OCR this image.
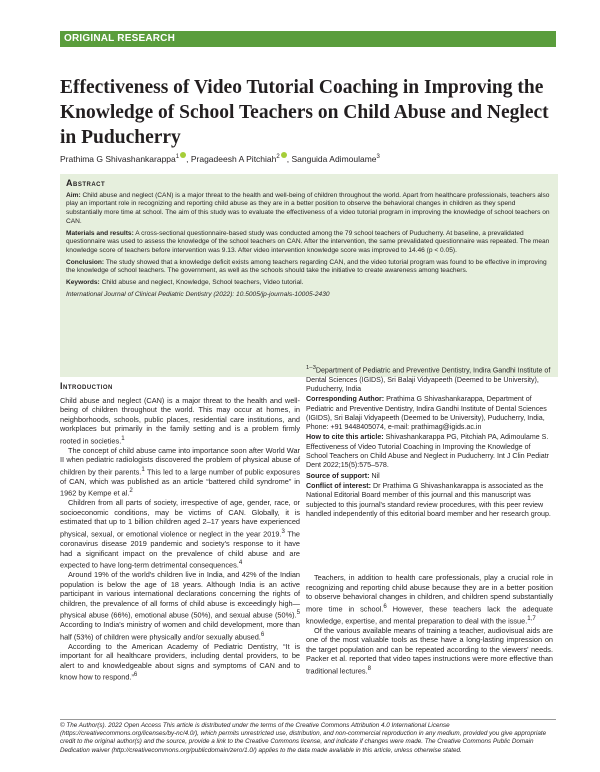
ORIGINAL RESEARCH
Effectiveness of Video Tutorial Coaching in Improving the Knowledge of School Teachers on Child Abuse and Neglect in Puducherry
Prathima G Shivashankarappa$^1$ , Pragadeesh A Pitchiah$^2$ , Sanguida Adimoulame$^3$
Abstract

Aim: Child abuse and neglect (CAN) is a major threat to the health and well-being of children throughout the world. Apart from healthcare professionals, teachers also play an important role in recognizing and reporting child abuse as they are in a better position to observe the behavioral changes in children as they spend substantially more time at school. The aim of this study was to evaluate the effectiveness of a video tutorial program in improving the knowledge of school teachers on CAN.

Materials and results: A cross-sectional questionnaire-based study was conducted among the 79 school teachers of Puducherry. At baseline, a prevalidated questionnaire was used to assess the knowledge of the school teachers on CAN. After the intervention, the same prevalidated questionnaire was repeated. The mean knowledge score of teachers before intervention was 9.13. After video intervention knowledge score was improved to 14.46 (p < 0.05).

Conclusion: The study showed that a knowledge deficit exists among teachers regarding CAN, and the video tutorial program was found to be effective in improving the knowledge of school teachers. The government, as well as the schools should take the initiative to create awareness among teachers.

Keywords: Child abuse and neglect, Knowledge, School teachers, Video tutorial.

International Journal of Clinical Pediatric Dentistry (2022): 10.5005/jp-journals-10005-2430

Introduction

Child abuse and neglect (CAN) is a major threat to the health and well-being of children throughout the world. This may occur at homes, in neighborhoods, schools, public places, residential care institutions, and workplaces but primarily in the family setting and is a problem firmly rooted in societies.$^1$

The concept of child abuse came into importance soon after World War II when pediatric radiologists discovered the problem of physical abuse of children by their parents.$^1$ This led to a large number of public exposures of CAN, which was published as an article “battered child syndrome” in 1962 by Kempe et al.$^2$

Children from all parts of society, irrespective of age, gender, race, or socioeconomic conditions, may be victims of CAN. Globally, it is estimated that up to 1 billion children aged 2–17 years have experienced physical, sexual, or emotional violence or neglect in the year 2019.$^3$ The coronavirus disease 2019 pandemic and society's response to it have had a significant impact on the prevalence of child abuse and are expected to have long-term detrimental consequences.$^4$

Around 19% of the world's children live in India, and 42% of the Indian population is below the age of 18 years. Although India is an active participant in various international declarations concerning the rights of children, the prevalence of all forms of child abuse is exceedingly high—physical abuse (66%), emotional abuse (50%), and sexual abuse (50%).$^5$ According to India's ministry of women and child development, more than half (53%) of children were physically and/or sexually abused.$^6$

According to the American Academy of Pediatric Dentistry, “It is important for all healthcare providers, including dental providers, to be alert to and knowledgeable about signs and symptoms of CAN and to know how to respond.”$^6$

$^{1-3}$Department of Pediatric and Preventive Dentistry, Indira Gandhi Institute of Dental Sciences (IGIDS), Sri Balaji Vidyapeeth (Deemed to be University), Puducherry, India

Corresponding Author: Prathima G Shivashankarappa, Department of Pediatric and Preventive Dentistry, Indira Gandhi Institute of Dental Sciences (IGIDS), Sri Balaji Vidyapeeth (Deemed to be University), Puducherry, India, Phone: +91 9448405074, e-mail: prathimag@igids.ac.in

How to cite this article: Shivashankarappa PG, Pitchiah PA, Adimoulame S. Effectiveness of Video Tutorial Coaching in Improving the Knowledge of School Teachers on Child Abuse and Neglect in Puducherry. Int J Clin Pediatr Dent 2022;15(5):575–578.

Source of support: Nil

Conflict of interest: Dr Prathima G Shivashankarappa is associated as the National Editorial Board member of this journal and this manuscript was subjected to this journal's standard review procedures, with this peer review handled independently of this editorial board member and her research group.

Teachers, in addition to health care professionals, play a crucial role in recognizing and reporting child abuse because they are in a better position to observe behavioral changes in children, and children spend substantially more time in school.$^6$ However, these teachers lack the adequate knowledge, expertise, and mental preparation to deal with the issue.$^{1,7}$

Of the various available means of training a teacher, audiovisual aids are one of the most valuable tools as these have a long-lasting impression on the target population and can be repeated according to the viewers' needs. Packer et al. reported that video tapes instructions were more effective than traditional lectures.$^8$

© The Author(s). 2022 Open Access This article is distributed under the terms of the Creative Commons Attribution 4.0 International License (https://creativecommons.org/licenses/by-nc/4.0/), which permits unrestricted use, distribution, and non-commercial reproduction in any medium, provided you give appropriate credit to the original author(s) and the source, provide a link to the Creative Commons license, and indicate if changes were made. The Creative Commons Public Domain Dedication waiver (http://creativecommons.org/publicdomain/zero/1.0/) applies to the data made available in this article, unless otherwise stated.
